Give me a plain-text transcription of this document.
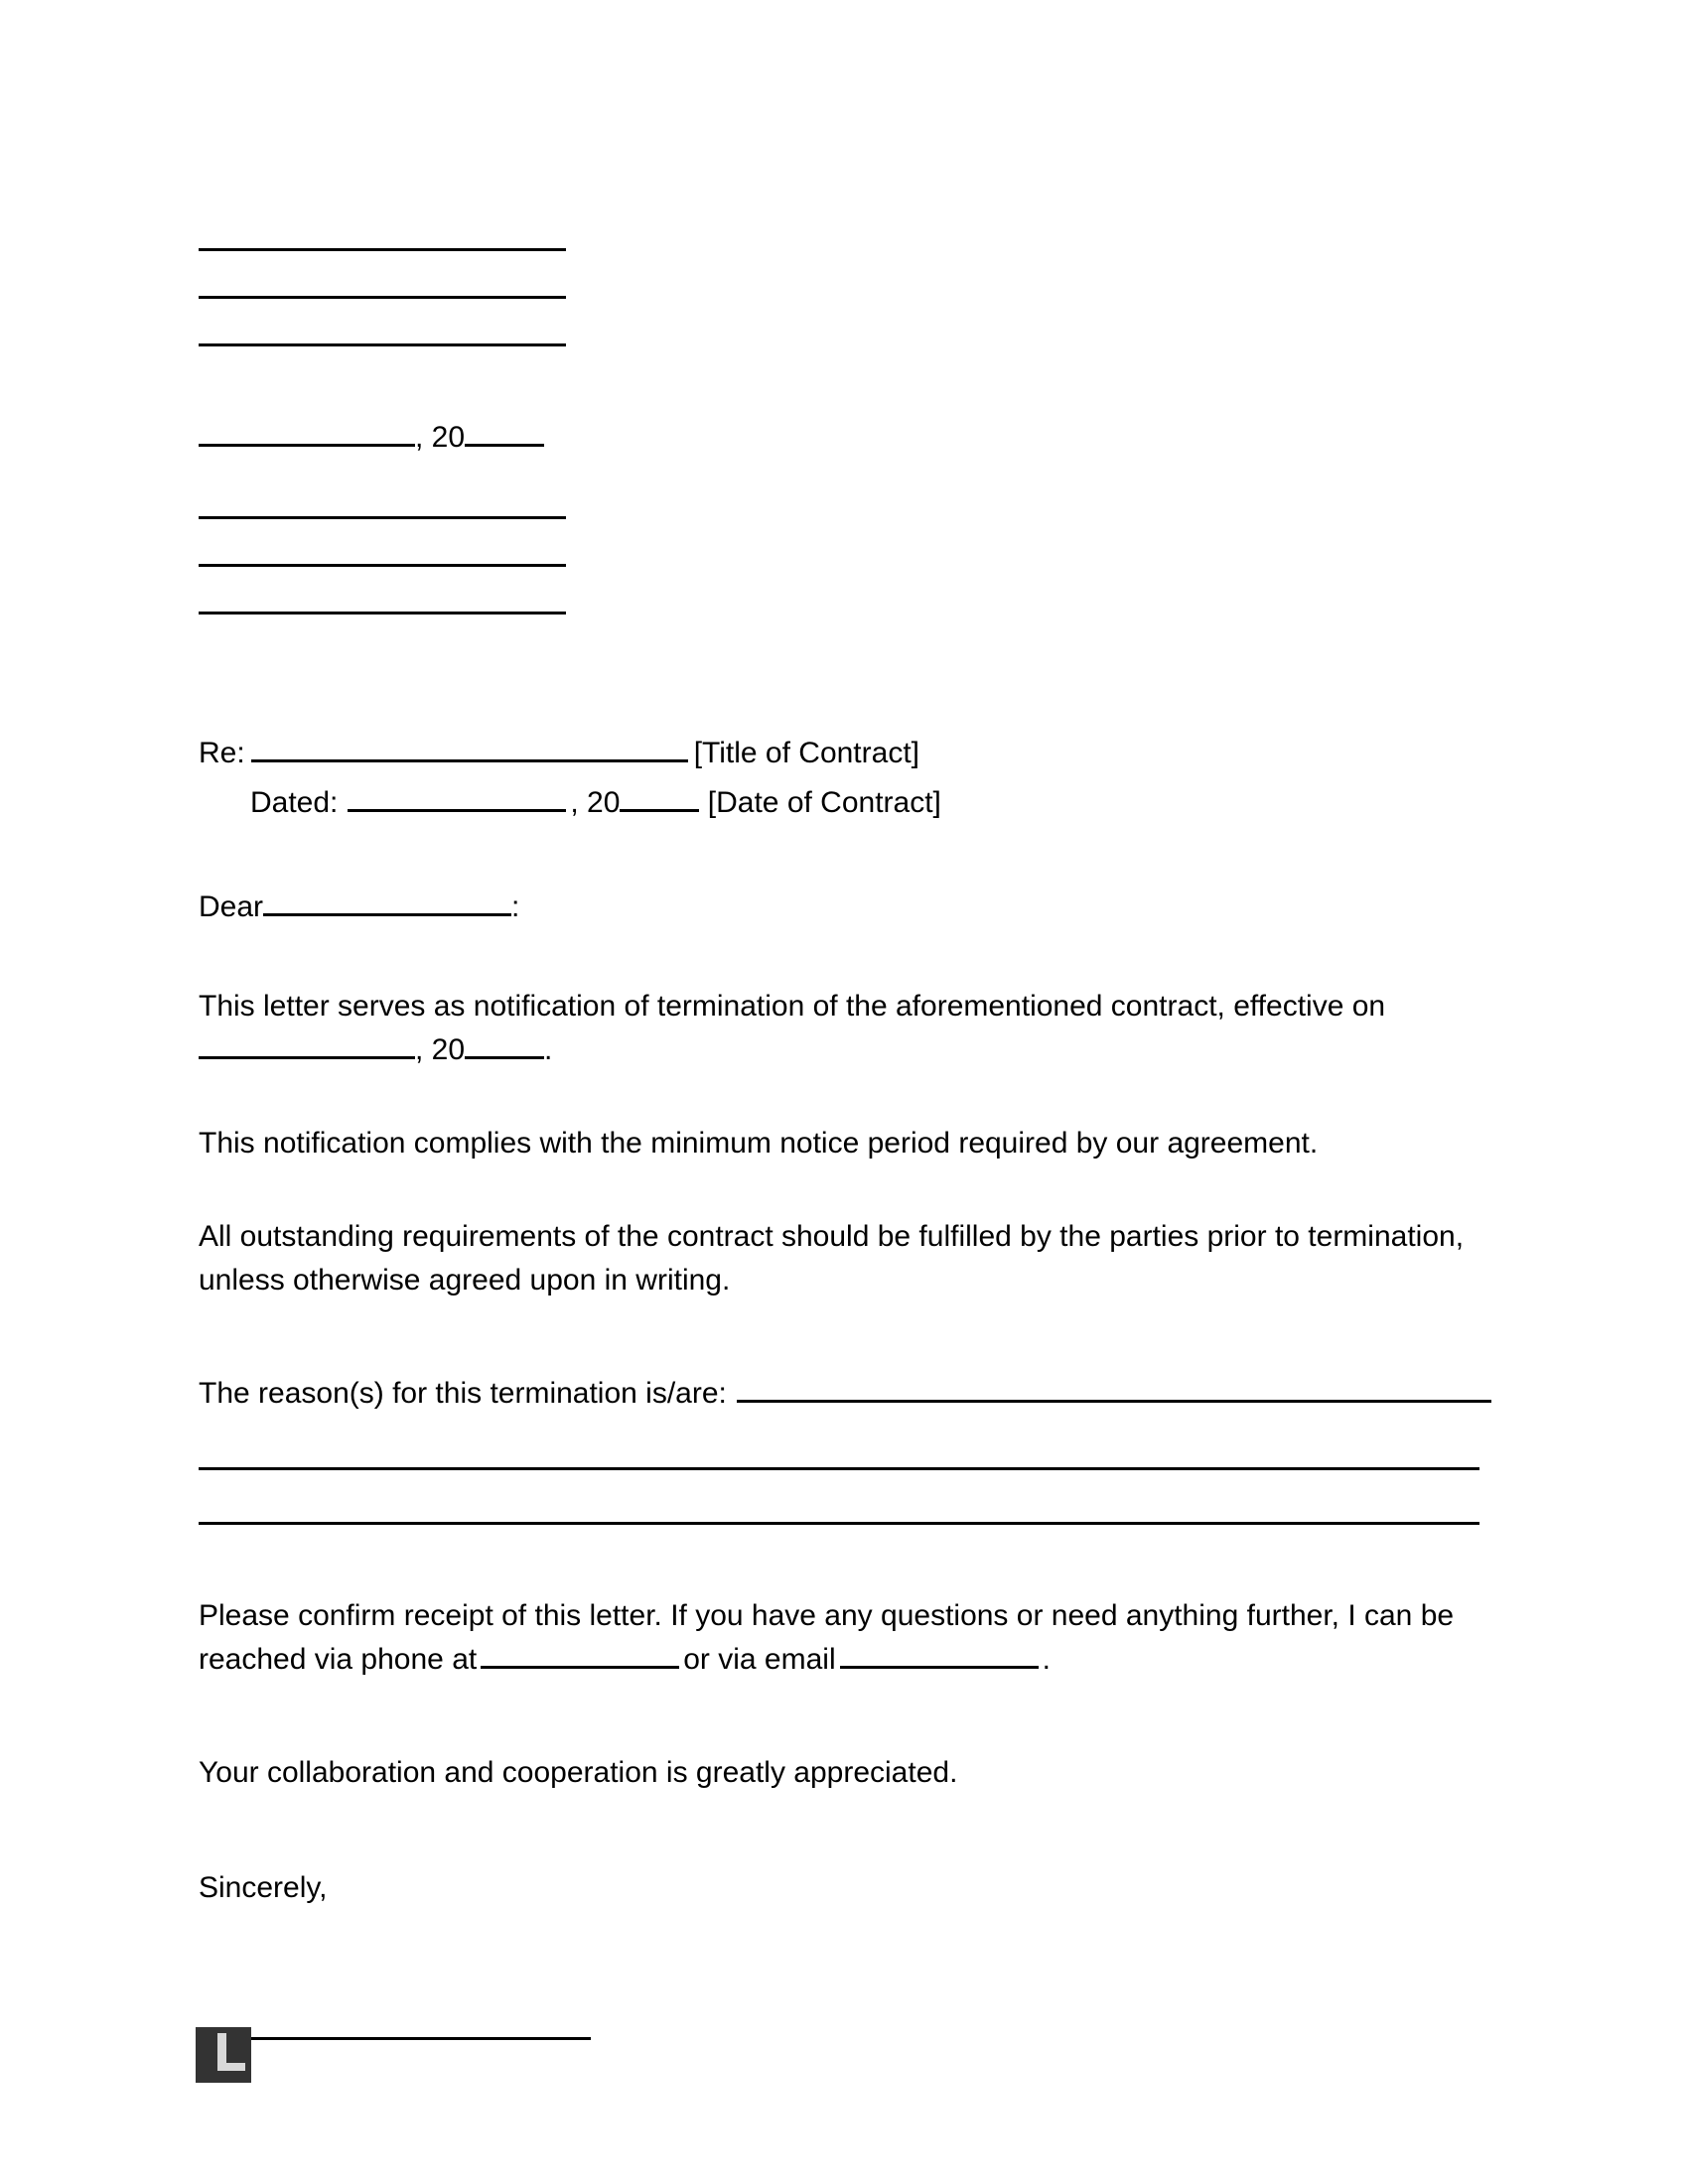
, 20
Re:	[Title of Contract]
Dated:	, 20	[Date of Contract]
Dear	:
This letter serves as notification of termination of the aforementioned contract, effective on
, 20	.
This notification complies with the minimum notice period required by our agreement.
All outstanding requirements of the contract should be fulfilled by the parties prior to termination, unless otherwise agreed upon in writing.
The reason(s) for this termination is/are:
Please confirm receipt of this letter. If you have any questions or need anything further, I can be reached via phone at	or via email	.
Your collaboration and cooperation is greatly appreciated.
Sincerely,
